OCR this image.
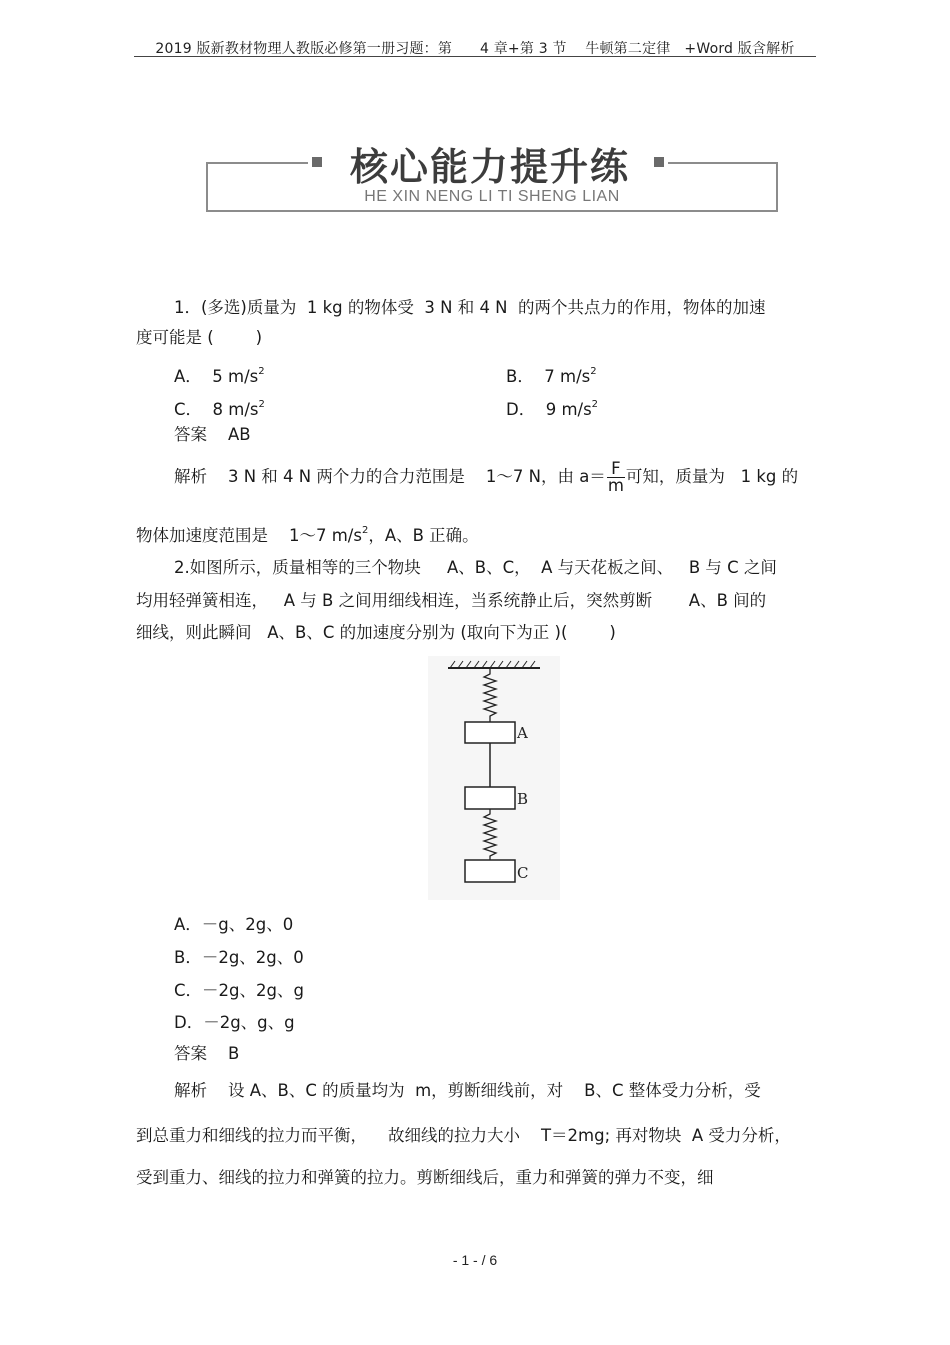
2019 版新教材物理人教版必修第一册习题：第      4 章+第 3 节    牛顿第二定律   +Word 版含解析
核心能力提升练
HE XIN NENG LI TI SHENG LIAN
1．(多选)质量为  1 kg 的物体受  3 N 和 4 N  的两个共点力的作用，物体的加速
度可能是 (        )
A．  5 $m/s^2$	B．  7 $m/s^2$
C．  8 $m/s^2$	D．  9 $m/s^2$
答案    AB
解析    3 N 和 4 N 两个力的合力范围是    1～7 N，由 $a= \frac{F}{m}$ 可知，质量为   1 kg 的
物体加速度范围是    1～7 $m/s^2$，A、B 正确。
2.如图所示，质量相等的三个物块     A、B、C，  A 与天花板之间、   B 与 C 之间
均用轻弹簧相连，   A 与 B 之间用细线相连，当系统静止后，突然剪断       A、B 间的
细线，则此瞬间   A、B、C 的加速度分别为 (取向下为正 )(        )
A
B
C
A．－g、2g、0
B．－2g、2g、0
C．－2g、2g、g
D．－2g、g、g
答案    B
解析    设 A、B、C 的质量均为  m，剪断细线前，对    B、C 整体受力分析，受
到总重力和细线的拉力而平衡，    故细线的拉力大小    T＝2mg; 再对物块  A 受力分析，
受到重力、细线的拉力和弹簧的拉力。剪断细线后，重力和弹簧的弹力不变，细
- 1 - / 6
